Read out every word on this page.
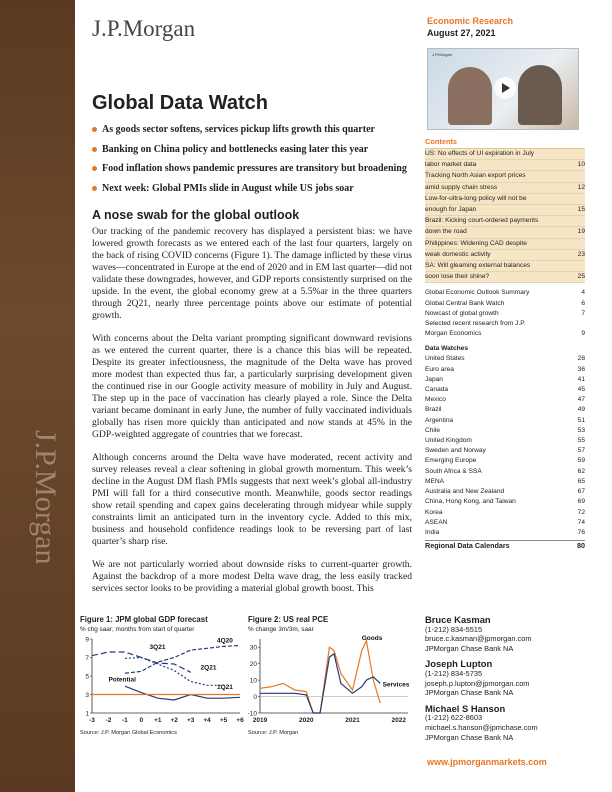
J.P.Morgan
J.P.Morgan	Economic Research
August 27, 2021
J.P.Morgan
Global Data Watch
As goods sector softens, services pickup lifts growth this quarter
Banking on China policy and bottlenecks easing later this year
Food inflation shows pandemic pressures are transitory but broadening
Next week: Global PMIs slide in August while US jobs soar
A nose swab for the global outlook

Our tracking of the pandemic recovery has displayed a persistent bias: we have lowered growth forecasts as we entered each of the last four quarters, largely on the back of rising COVID concerns (Figure 1). The damage inflicted by these virus waves—concentrated in Europe at the end of 2020 and in EM last quarter—did not validate these downgrades, however, and GDP reports consistently surprised on the upside. In the event, the global economy grew at a 5.5%ar in the three quarters through 2Q21, nearly three percentage points above our estimate of potential growth.

With concerns about the Delta variant prompting significant downward revisions as we entered the current quarter, there is a chance this bias will be repeated. Despite its greater infectiousness, the magnitude of the Delta wave has proved more modest than expected thus far, a particularly surprising development given the continued rise in our Google activity measure of mobility in July and August. The step up in the pace of vaccination has clearly played a role. Since the Delta variant became dominant in early June, the number of fully vaccinated individuals globally has risen more quickly than anticipated and now stands at 45% in the GDP-weighted aggregate of countries that we forecast.

Although concerns around the Delta wave have moderated, recent activity and survey releases reveal a clear softening in global growth momentum. This week’s decline in the August DM flash PMIs suggests that next week’s global all-industry PMI will fall for a third consecutive month. Meanwhile, goods sector readings show retail spending and capex gains decelerating through midyear while supply constraints limit an anticipated turn in the inventory cycle. Added to this mix, business and household confidence readings look to be reversing part of last quarter’s sharp rise.

We are not particularly worried about downside risks to current-quarter growth. Against the backdrop of a more modest Delta wave drag, the less easily tracked services sector looks to be providing a material global growth boost. This

Contents
US: No effects of UI expiration in July
labor market data	10
Tracking North Asian export prices
amid supply chain stress	12
Low-for-ultra-long policy will not be
enough for Japan	15
Brazil: Kicking court-ordered payments
down the road	19
Philippines: Widening CAD despite
weak domestic activity	23
SA: Will gleaming external balances
soon lose their shine?	25
Global Economic Outlook Summary	4
Global Central Bank Watch	6
Nowcast of global growth	7
Selected recent research from J.P.
Morgan Economics	9
Data Watches
United States	28
Euro area	36
Japan	41
Canada	45
Mexico	47
Brazil	49
Argentina	51
Chile	53
United Kingdom	55
Sweden and Norway	57
Emerging Europe	59
South Africa & SSA	62
MENA	65
Australia and New Zealand	67
China, Hong Kong, and Taiwan	69
Korea	72
ASEAN	74
India	76
Regional Data Calendars	80
Figure 1: JPM global GDP forecast
% chg saar; months from start of quarter
1
3
5
7
9
-3 -2 -1 0 +1 +2 +3 +4 +5 +6
3Q21
4Q20
Potential
2Q21
1Q21
Source: J.P. Morgan Global Economics
Figure 2: US real PCE
% change 3m/3m, saar
-10
0
10
20
30
2019	2020	2021	2022
Goods
Services
Source: J.P. Morgan
Bruce Kasman
(1-212) 834-5515
bruce.c.kasman@jpmorgan.com
JPMorgan Chase Bank NA
Joseph Lupton
(1-212) 834-5735
joseph.p.lupton@jpmorgan.com
JPMorgan Chase Bank NA
Michael S Hanson
(1-212) 622-8603
michael.s.hanson@jpmchase.com
JPMorgan Chase Bank NA
www.jpmorganmarkets.com
